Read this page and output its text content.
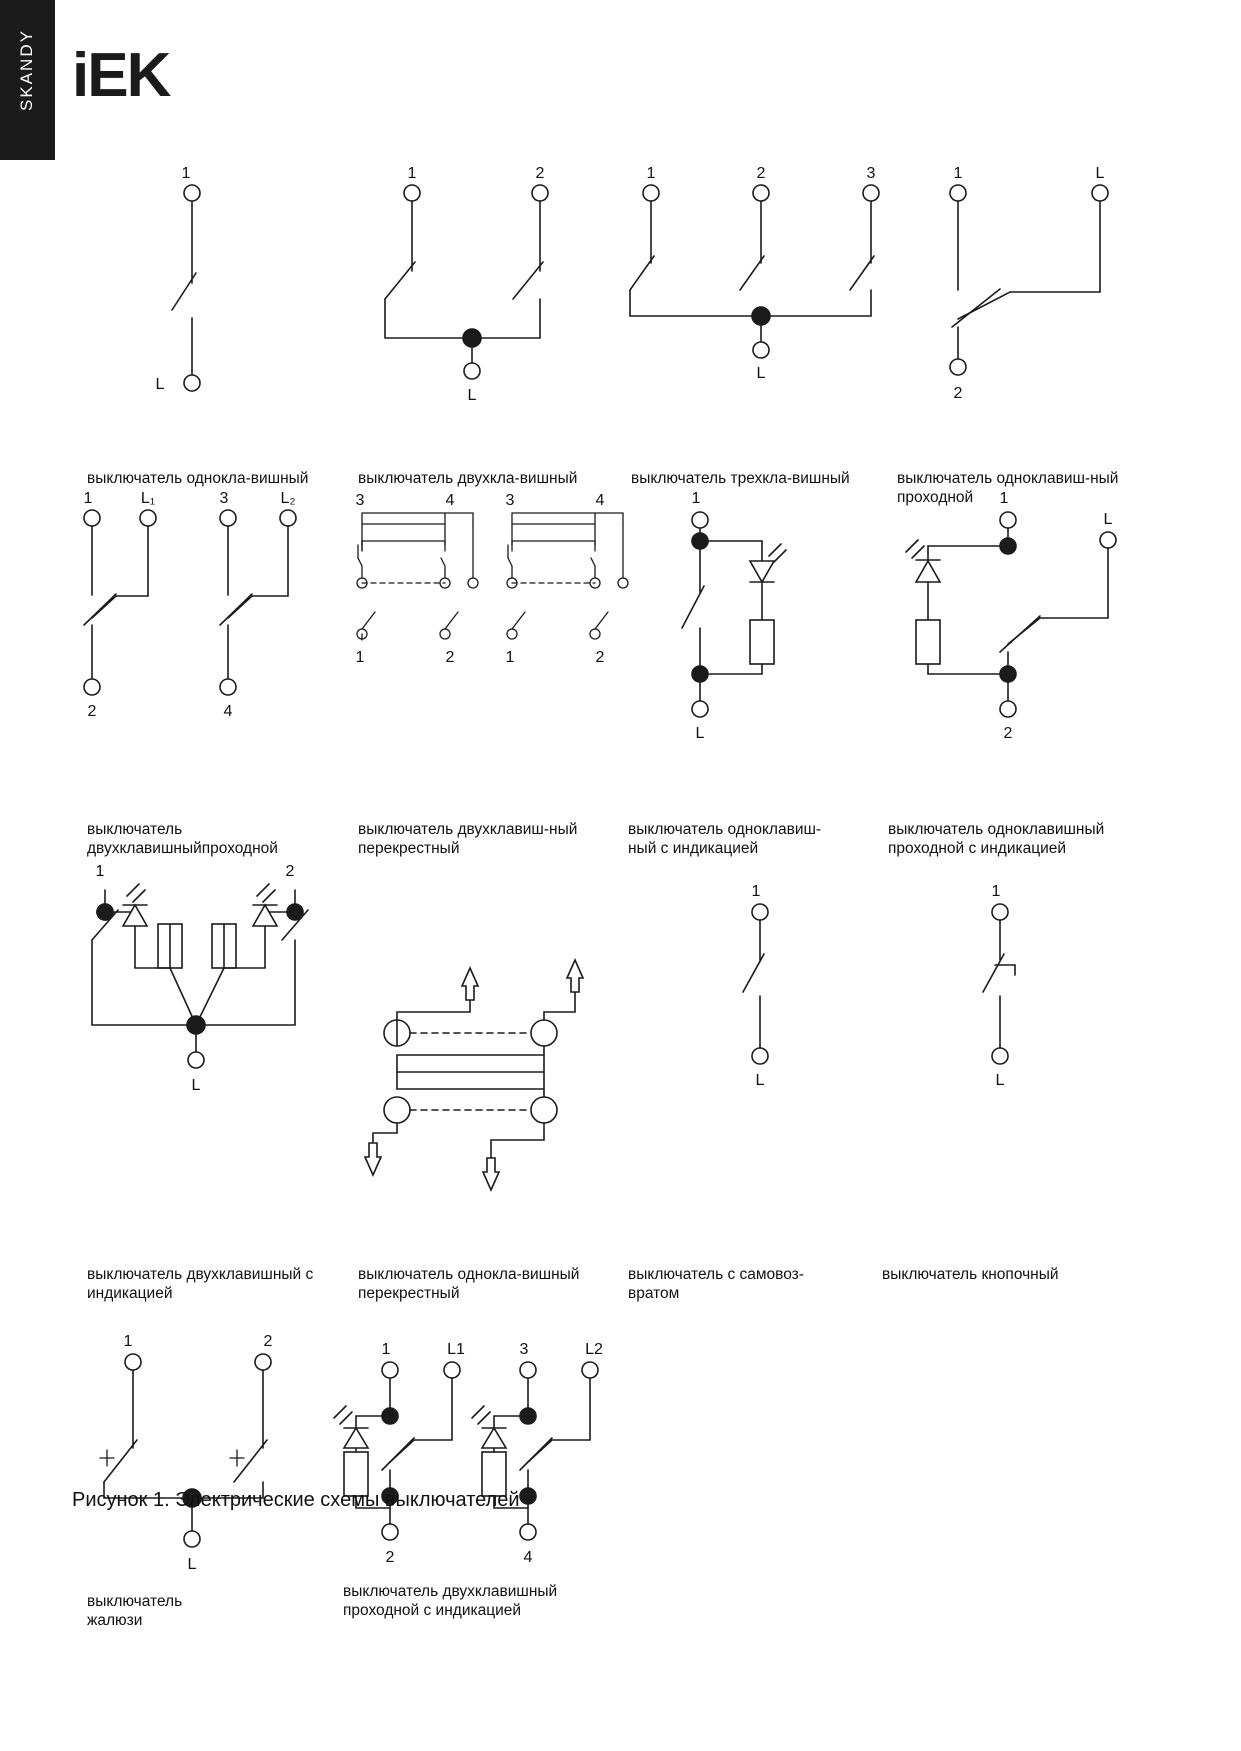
SKANDY iEK
1
L
1	2
L
1	2	3
L
1	L
2
1	L₁
2
3	L₂
4
3	4
1	2
3	4
1	2
1
L
1
L
2
1	2
L
1
L
1
L
1	2
L
1	L1
2
3	L2
4
выключатель однокла-вишный	выключатель двухкла-вишный	выключатель трехкла-вишный	выключатель одноклавиш-ный
проходной
выключатель
двухклавишныйпроходной
выключатель двухклавиш-ный
перекрестный
выключатель одноклавиш-
ный с индикацией
выключатель одноклавишный
проходной с индикацией
выключатель двухклавишный с
индикацией
выключатель однокла-вишный
перекрестный
выключатель с самовоз-
вратом
выключатель кнопочный
выключатель
жалюзи
выключатель двухклавишный
проходной с индикацией
Рисунок 1. Электрические схемы выключателей
